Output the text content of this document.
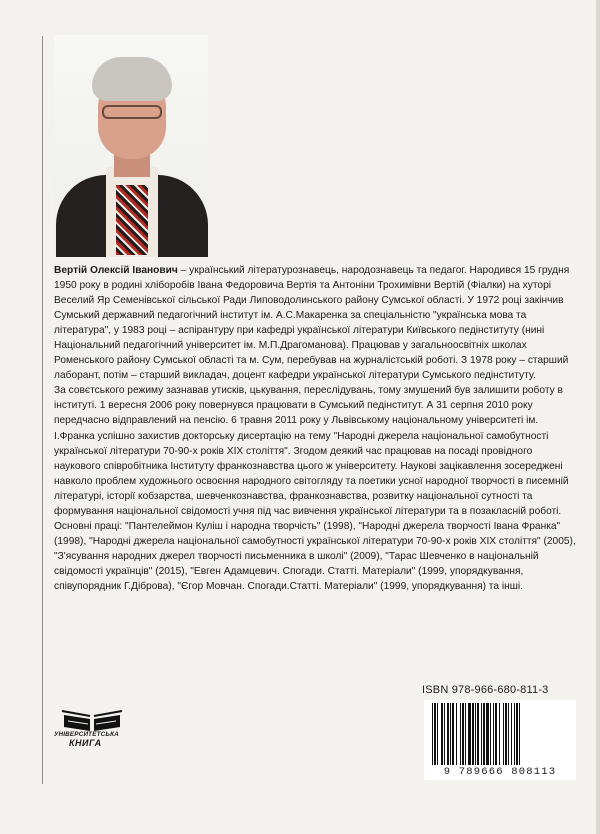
Вертій Олексій Іванович – український літературознавець, народознавець та педагог. Народився 15 грудня 1950 року в родині хліборобів Івана Федоровича Вертія та Антоніни Трохимівни Вертій (Фіалки) на хуторі Веселий Яр Семенівської сільської Ради Липоводолинського району Сумської області. У 1972 році закінчив Сумський державний педагогічний інститут ім. А.С.Макаренка за спеціальністю "українська мова та література", у 1983 році – аспірантуру при кафедрі української літератури Київського педінституту (нині Національний педагогічний університет ім. М.П.Драгоманова). Працював у загальноосвітніх школах Роменського району Сумської області та м. Сум, перебував на журналістській роботі. З 1978 року – старший лаборант, потім – старший викладач, доцент кафедри української літератури Сумського педінституту.

За совєтського режиму зазнавав утисків, цькування, переслідувань, тому змушений був залишити роботу в інституті. 1 вересня 2006 року повернувся працювати в Сумський педінститут. А 31 серпня 2010 року передчасно відправлений на пенсію. 6 травня 2011 року у Львівському національному університеті ім. І.Франка успішно захистив докторську дисертацію на тему "Народні джерела національної самобутності української літератури 70-90-х років ХІХ століття". Згодом деякий час працював на посаді провідного наукового співробітника Інституту франкознавства цього ж університету. Наукові зацікавлення зосереджені навколо проблем художнього освоєння народного світогляду та поетики усної народної творчості в писемній літературі, історії кобзарства, шевченкознавства, франкознавства, розвитку національної сутності та формування національної свідомості учня під час вивчення української літератури та в позакласній роботі.

Основні праці: "Пантелеймон Куліш і народна творчість" (1998), "Народні джерела творчості Івана Франка" (1998), "Народні джерела національної самобутності української літератури 70-90-х років ХІХ століття" (2005), "З'ясування народних джерел творчості письменника в школі" (2009), "Тарас Шевченко в національній свідомості українців" (2015), "Евген Адамцевич. Спогади. Статті. Матеріали" (1999, упорядкування, співупорядник Г.Діброва), "Єгор Мовчан. Спогади.Статті. Матеріали" (1999, упорядкування) та інші.

ISBN 978-966-680-811-3
9 789666 808113
УНІВЕРСИТЕТСЬКА
КНИГА
